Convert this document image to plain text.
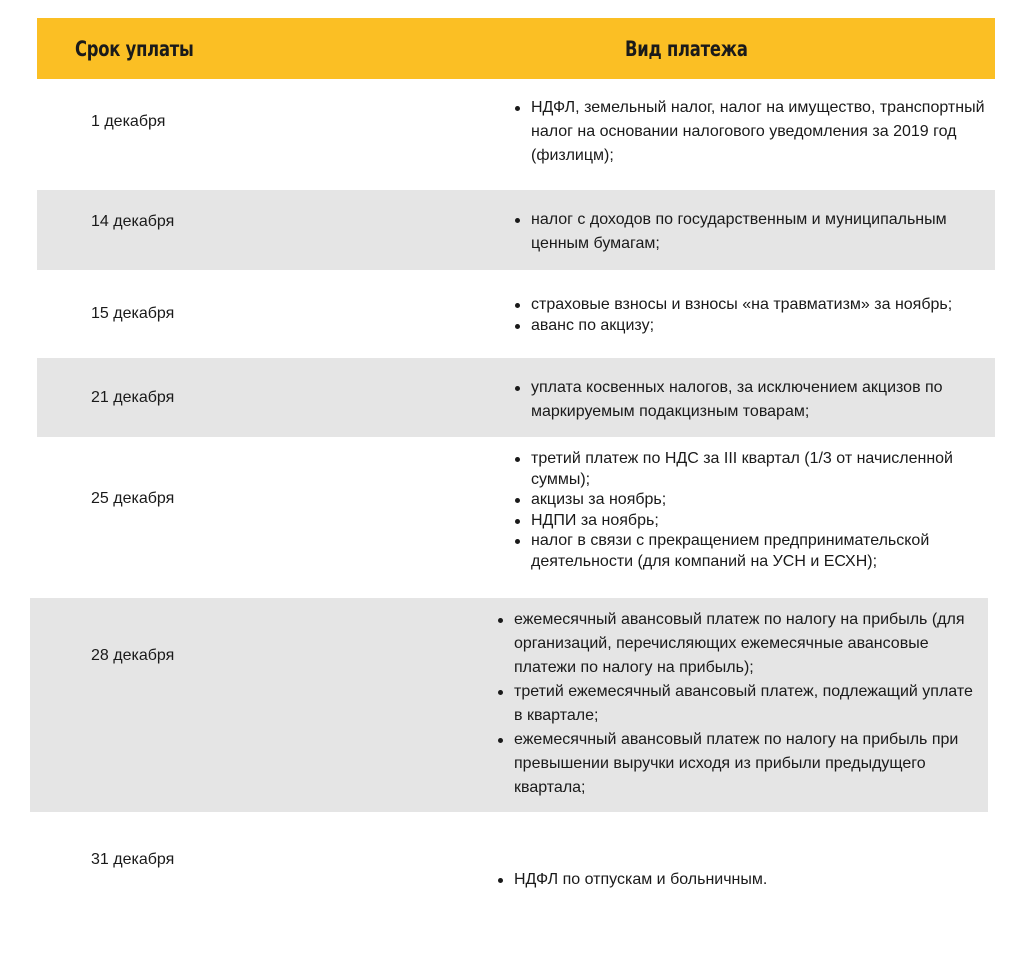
Срок уплаты	Вид платежа
1 декабря
НДФЛ, земельный налог, налог на имущество, транспортный налог на основании налогового уведомления за 2019 год (физлицм);
14 декабря	налог с доходов по государственным и муниципальным ценным бумагам;
15 декабря
страховые взносы и взносы «на травматизм» за ноябрь;
аванс по акцизу;
21 декабря
уплата косвенных налогов, за исключением акцизов по маркируемым подакцизным товарам;
25 декабря
третий платеж по НДС за III квартал (1/3 от начисленной суммы);
акцизы за ноябрь;
НДПИ за ноябрь;
налог в связи с прекращением предпринимательской деятельности (для компаний на УСН и ЕСХН);
28 декабря
ежемесячный авансовый платеж по налогу на прибыль (для организаций, перечисляющих ежемесячные авансовые платежи по налогу на прибыль);
третий ежемесячный авансовый платеж, подлежащий уплате в квартале;
ежемесячный авансовый платеж по налогу на прибыль при превышении выручки исходя из прибыли предыдущего квартала;
31 декабря
НДФЛ по отпускам и больничным.
